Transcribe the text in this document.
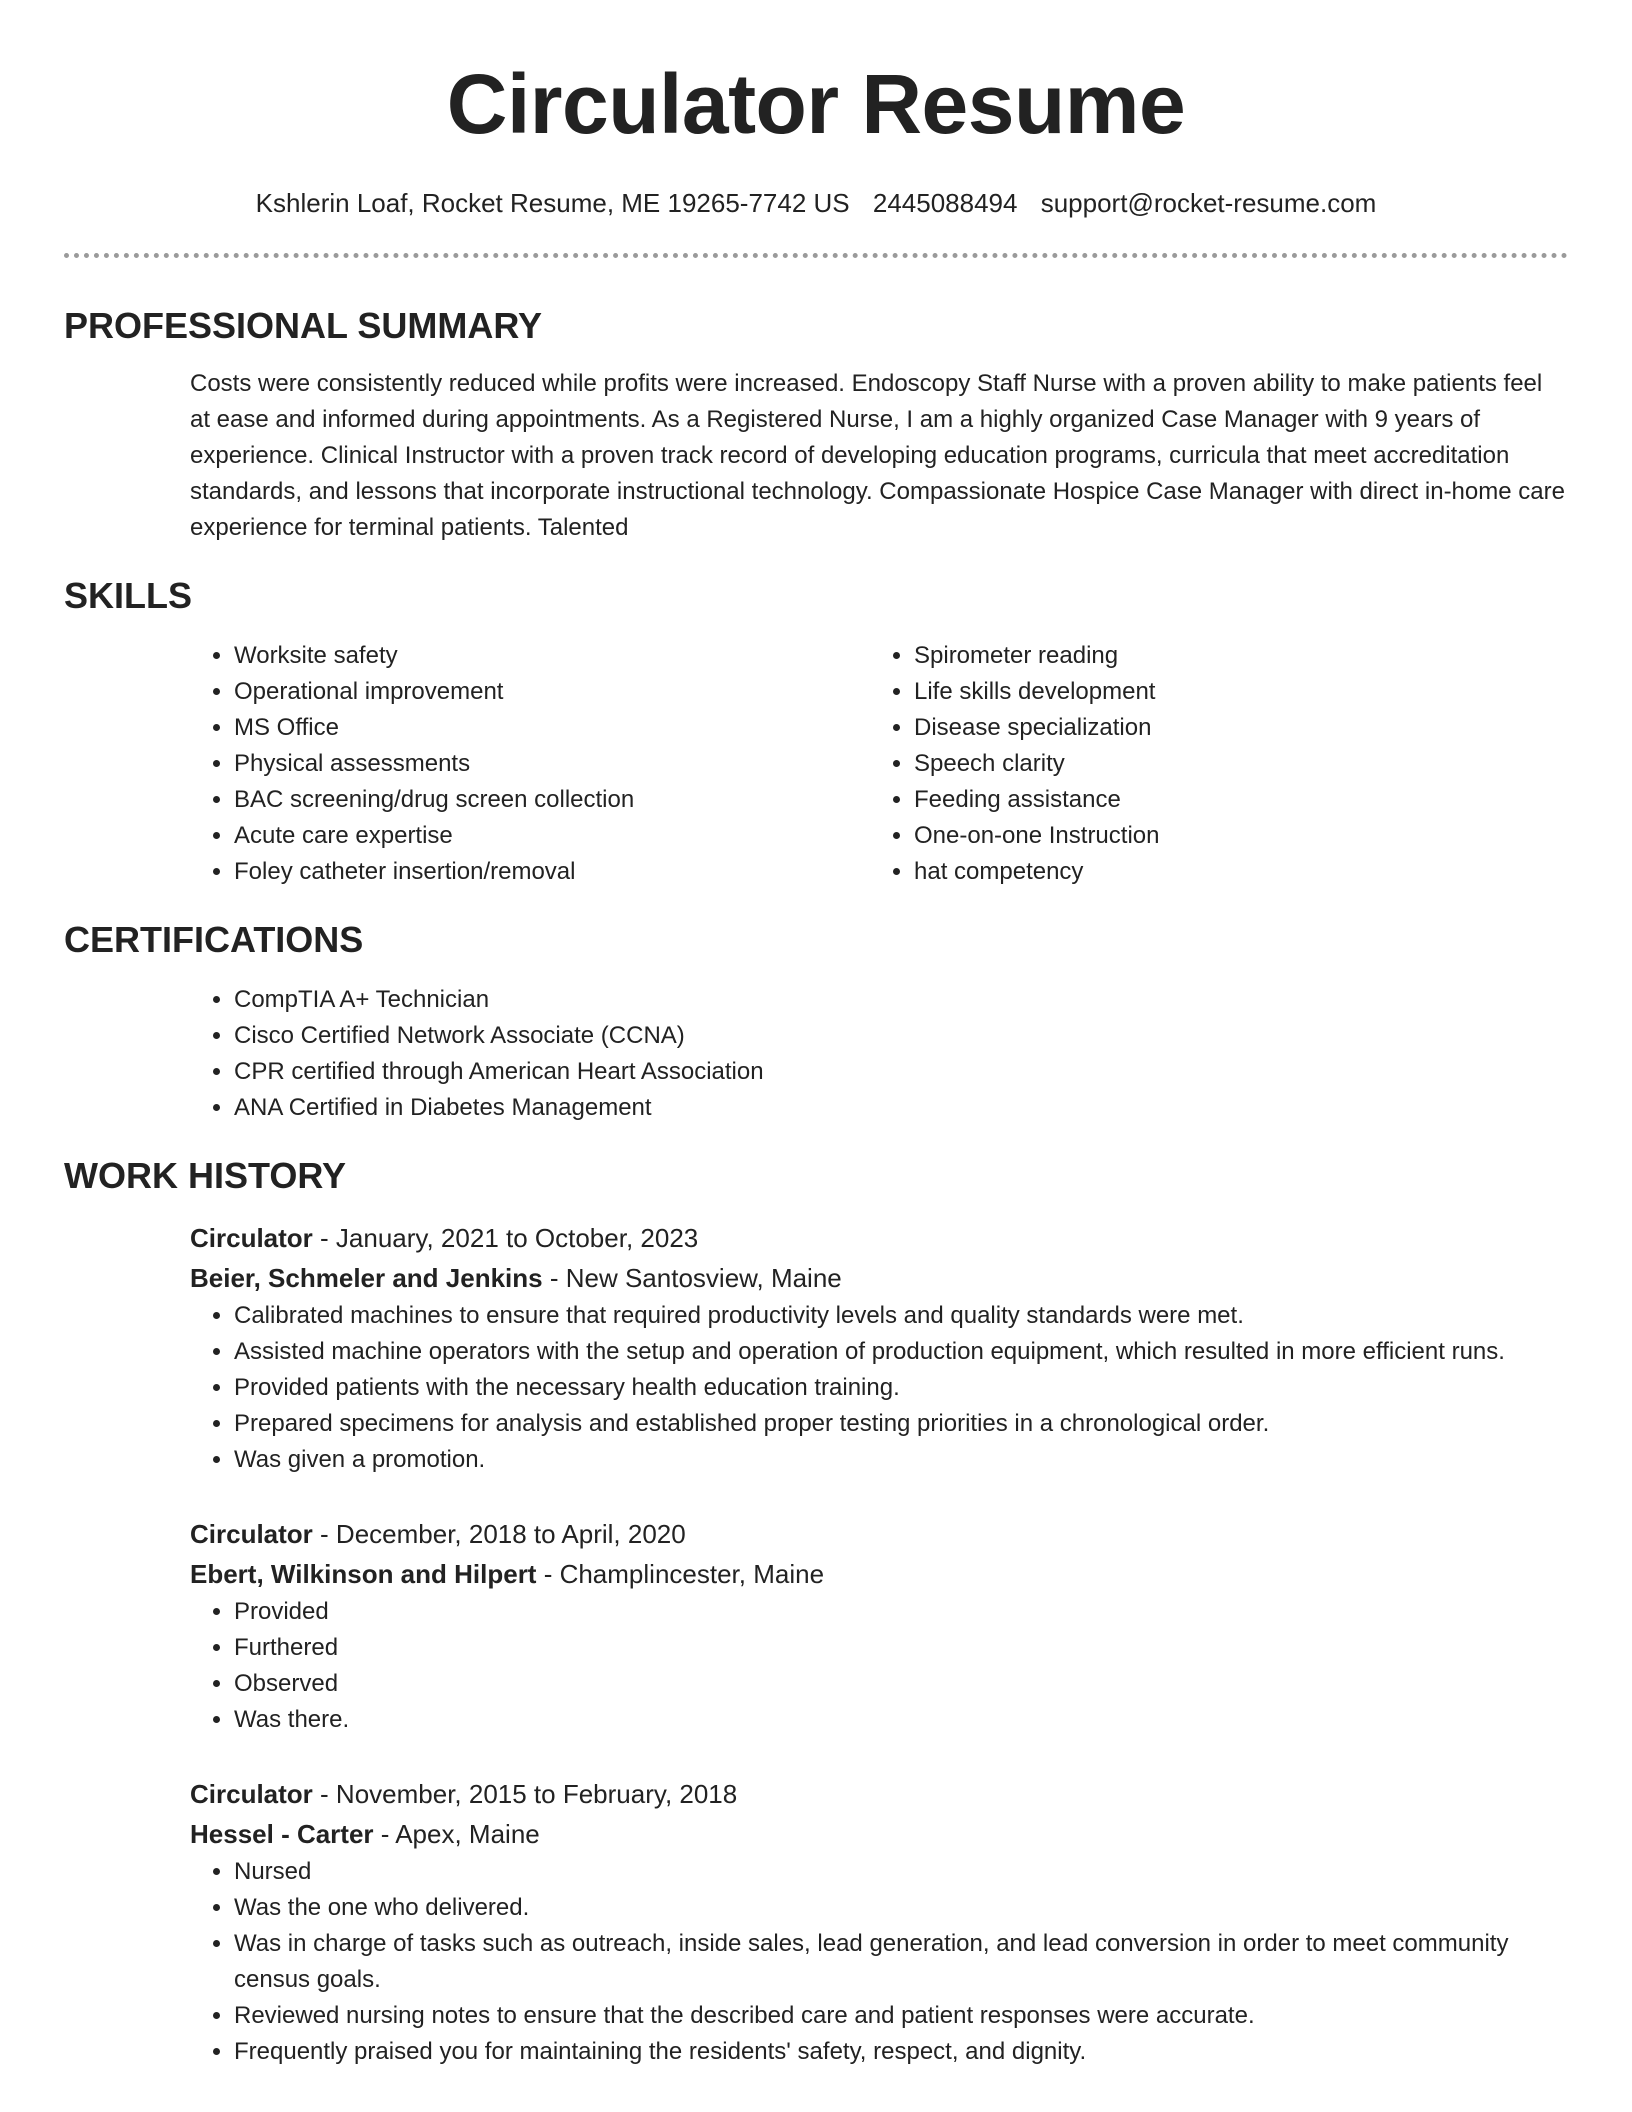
Circulator Resume
Kshlerin Loaf, Rocket Resume, ME 19265-7742 US 2445088494 support@rocket-resume.com
PROFESSIONAL SUMMARY

Costs were consistently reduced while profits were increased. Endoscopy Staff Nurse with a proven ability to make patients feel at ease and informed during appointments. As a Registered Nurse, I am a highly organized Case Manager with 9 years of experience. Clinical Instructor with a proven track record of developing education programs, curricula that meet accreditation standards, and lessons that incorporate instructional technology. Compassionate Hospice Case Manager with direct in-home care experience for terminal patients. Talented

SKILLS
• Worksite safety
• Operational improvement
• MS Office
• Physical assessments
• BAC screening/drug screen collection
• Acute care expertise
• Foley catheter insertion/removal
• Spirometer reading
• Life skills development
• Disease specialization
• Speech clarity
• Feeding assistance
• One-on-one Instruction
• hat competency
CERTIFICATIONS
• CompTIA A+ Technician
• Cisco Certified Network Associate (CCNA)
• CPR certified through American Heart Association
• ANA Certified in Diabetes Management
WORK HISTORY
Circulator - January, 2021 to October, 2023
Beier, Schmeler and Jenkins - New Santosview, Maine
• Calibrated machines to ensure that required productivity levels and quality standards were met.
• Assisted machine operators with the setup and operation of production equipment, which resulted in more efficient runs.
• Provided patients with the necessary health education training.
• Prepared specimens for analysis and established proper testing priorities in a chronological order.
• Was given a promotion.
Circulator - December, 2018 to April, 2020
Ebert, Wilkinson and Hilpert - Champlincester, Maine
• Provided
• Furthered
• Observed
• Was there.
Circulator - November, 2015 to February, 2018
Hessel - Carter - Apex, Maine
• Nursed
• Was the one who delivered.
• Was in charge of tasks such as outreach, inside sales, lead generation, and lead conversion in order to meet community census goals.
• Reviewed nursing notes to ensure that the described care and patient responses were accurate.
• Frequently praised you for maintaining the residents' safety, respect, and dignity.
